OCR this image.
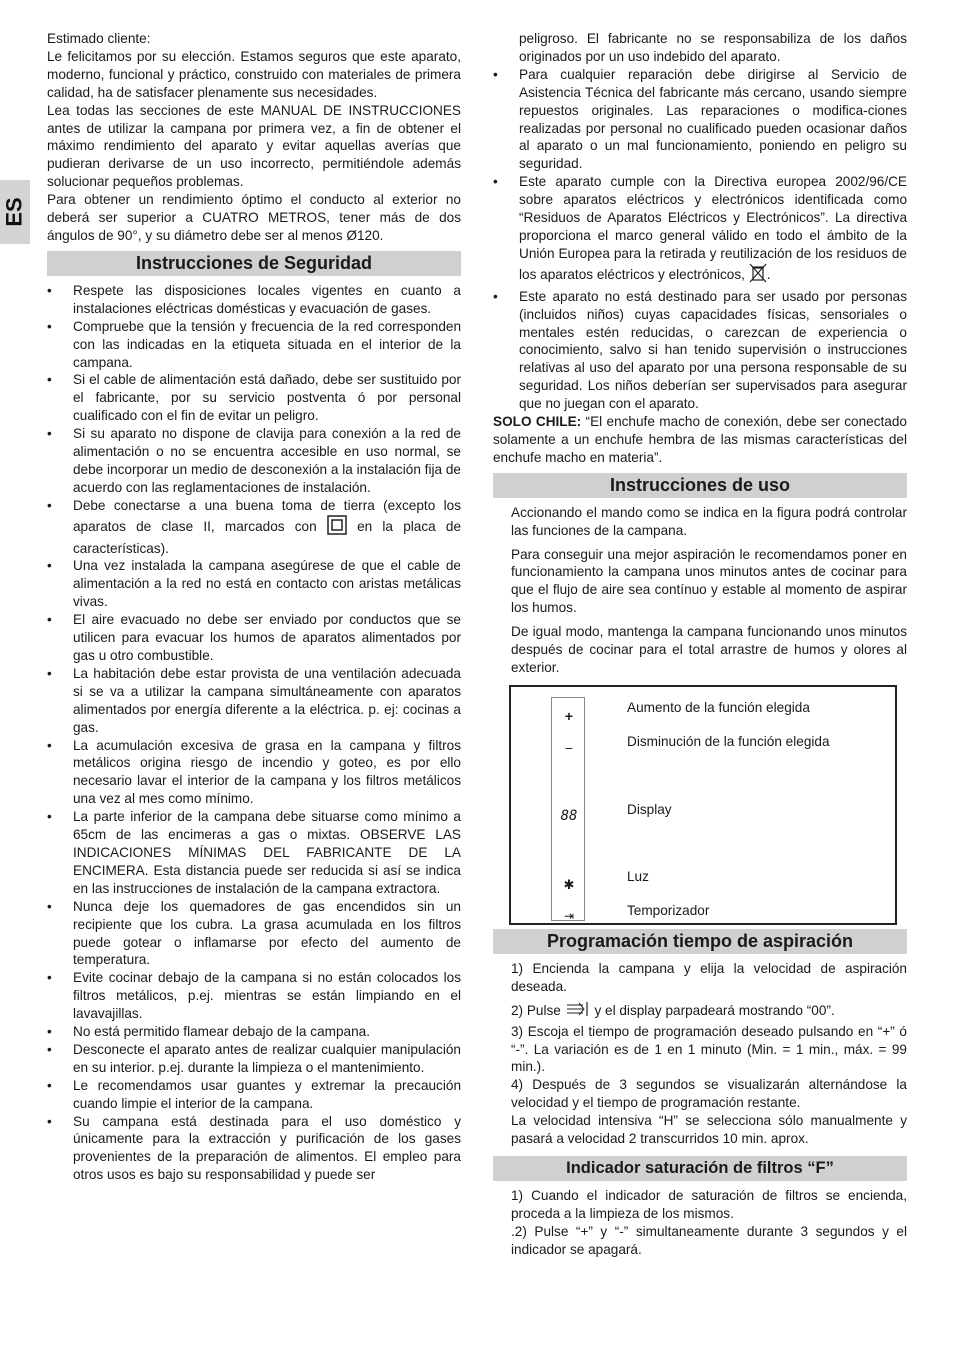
ES

Estimado cliente:

Le felicitamos por su elección. Estamos seguros que este aparato, moderno, funcional y práctico, construido con materiales de primera calidad, ha de satisfacer plenamente sus necesidades.

Lea todas las secciones de este MANUAL DE INSTRUCCIONES antes de utilizar la campana por primera vez, a fin de obtener el máximo rendimiento del aparato y evitar aquellas averías que pudieran derivarse de un uso incorrecto, permitiéndole además solucionar pequeños problemas.

Para obtener un rendimiento óptimo el conducto al exterior no deberá ser superior a CUATRO METROS, tener más de dos ángulos de 90°, y su diámetro debe ser al menos Ø120.

Instrucciones de Seguridad
• Respete las disposiciones locales vigentes en cuanto a instalaciones eléctricas domésticas y evacuación de gases.
• Compruebe que la tensión y frecuencia de la red corresponden con las indicadas en la etiqueta situada en el interior de la campana.
• Si el cable de alimentación está dañado, debe ser sustituido por el fabricante, por su servicio postventa ó por personal cualificado con el fin de evitar un peligro.
• Si su aparato no dispone de clavija para conexión a la red de alimentación o no se encuentra accesible en uso normal, se debe incorporar un medio de desconexión a la instalación fija de acuerdo con las reglamentaciones de instalación.
• Debe conectarse a una buena toma de tierra (excepto los aparatos de clase II, marcados con	en la placa de características).
• Una vez instalada la campana asegúrese de que el cable de alimentación a la red no está en contacto con aristas metálicas vivas.
• El aire evacuado no debe ser enviado por conductos que se utilicen para evacuar los humos de aparatos alimentados por gas u otro combustible.
• La habitación debe estar provista de una ventilación adecuada si se va a utilizar la campana simultáneamente con aparatos alimentados por energía diferente a la eléctrica. p. ej: cocinas a gas.
• La acumulación excesiva de grasa en la campana y filtros metálicos origina riesgo de incendio y goteo, es por ello necesario lavar el interior de la campana y los filtros metálicos una vez al mes como mínimo.
• La parte inferior de la campana debe situarse como mínimo a 65cm de las encimeras a gas o mixtas. OBSERVE LAS INDICACIONES MÍNIMAS DEL FABRICANTE DE LA ENCIMERA. Esta distancia puede ser reducida si así se indica en las instrucciones de instalación de la campana extractora.
• Nunca deje los quemadores de gas encendidos sin un recipiente que los cubra. La grasa acumulada en los filtros puede gotear o inflamarse por efecto del aumento de temperatura.
• Evite cocinar debajo de la campana si no están colocados los filtros metálicos, p.ej. mientras se están limpiando en el lavavajillas.
• No está permitido flamear debajo de la campana.
• Desconecte el aparato antes de realizar cualquier manipulación en su interior. p.ej. durante la limpieza o el mantenimiento.
• Le recomendamos usar guantes y extremar la precaución cuando limpie el interior de la campana.
• Su campana está destinada para el uso doméstico y únicamente para la extracción y purificación de los gases provenientes de la preparación de alimentos. El empleo para otros usos es bajo su responsabilidad y puede ser

peligroso. El fabricante no se responsabiliza de los daños originados por un uso indebido del aparato.

• Para cualquier reparación debe dirigirse al Servicio de Asistencia Técnica del fabricante más cercano, usando siempre repuestos originales. Las reparaciones o modifica-ciones realizadas por personal no cualificado pueden ocasionar daños al aparato o un mal funcionamiento, poniendo en peligro su seguridad.
• Este aparato cumple con la Directiva europea 2002/96/CE sobre aparatos eléctricos y electrónicos identificada como “Residuos de Aparatos Eléctricos y Electrónicos”. La directiva proporciona el marco general válido en todo el ámbito de la Unión Europea para la retirada y reutilización de los residuos de los aparatos eléctricos y electrónicos, .
• Este aparato no está destinado para ser usado por personas (incluidos niños) cuyas capacidades físicas, sensoriales o mentales estén reducidas, o carezcan de experiencia o conocimiento, salvo si han tenido supervisión o instrucciones relativas al uso del aparato por una persona responsable de su seguridad. Los niños deberían ser supervisados para asegurar que no juegan con el aparato.

SOLO CHILE: “El enchufe macho de conexión, debe ser conectado solamente a un enchufe hembra de las mismas características del enchufe macho en materia”.

Instrucciones de uso

Accionando el mando como se indica en la figura podrá controlar las funciones de la campana.

Para conseguir una mejor aspiración le recomendamos poner en funcionamiento la campana unos minutos antes de cocinar para que el flujo de aire sea contínuo y estable al momento de aspirar los humos.

De igual modo, mantenga la campana funcionando unos minutos después de cocinar para el total arrastre de humos y olores al exterior.

+
−
88
✱
⇥
Aumento de la función elegida
Disminución de la función elegida
Display
Luz
Temporizador
Programación tiempo de aspiración

1) Encienda la campana y elija la velocidad de aspiración deseada.

2) Pulse y el display parpadeará mostrando “00”.

3) Escoja el tiempo de programación deseado pulsando en “+” ó “-”. La variación es de 1 en 1 minuto (Min. = 1 min., máx. = 99 min.).

4) Después de 3 segundos se visualizarán alternándose la velocidad y el tiempo de programación restante.

La velocidad intensiva “H” se selecciona sólo manualmente y pasará a velocidad 2 transcurridos 10 min. aprox.

Indicador saturación de filtros “F”

1) Cuando el indicador de saturación de filtros se encienda, proceda a la limpieza de los mismos.

.2) Pulse “+” y “-” simultaneamente durante 3 segundos y el indicador se apagará.
